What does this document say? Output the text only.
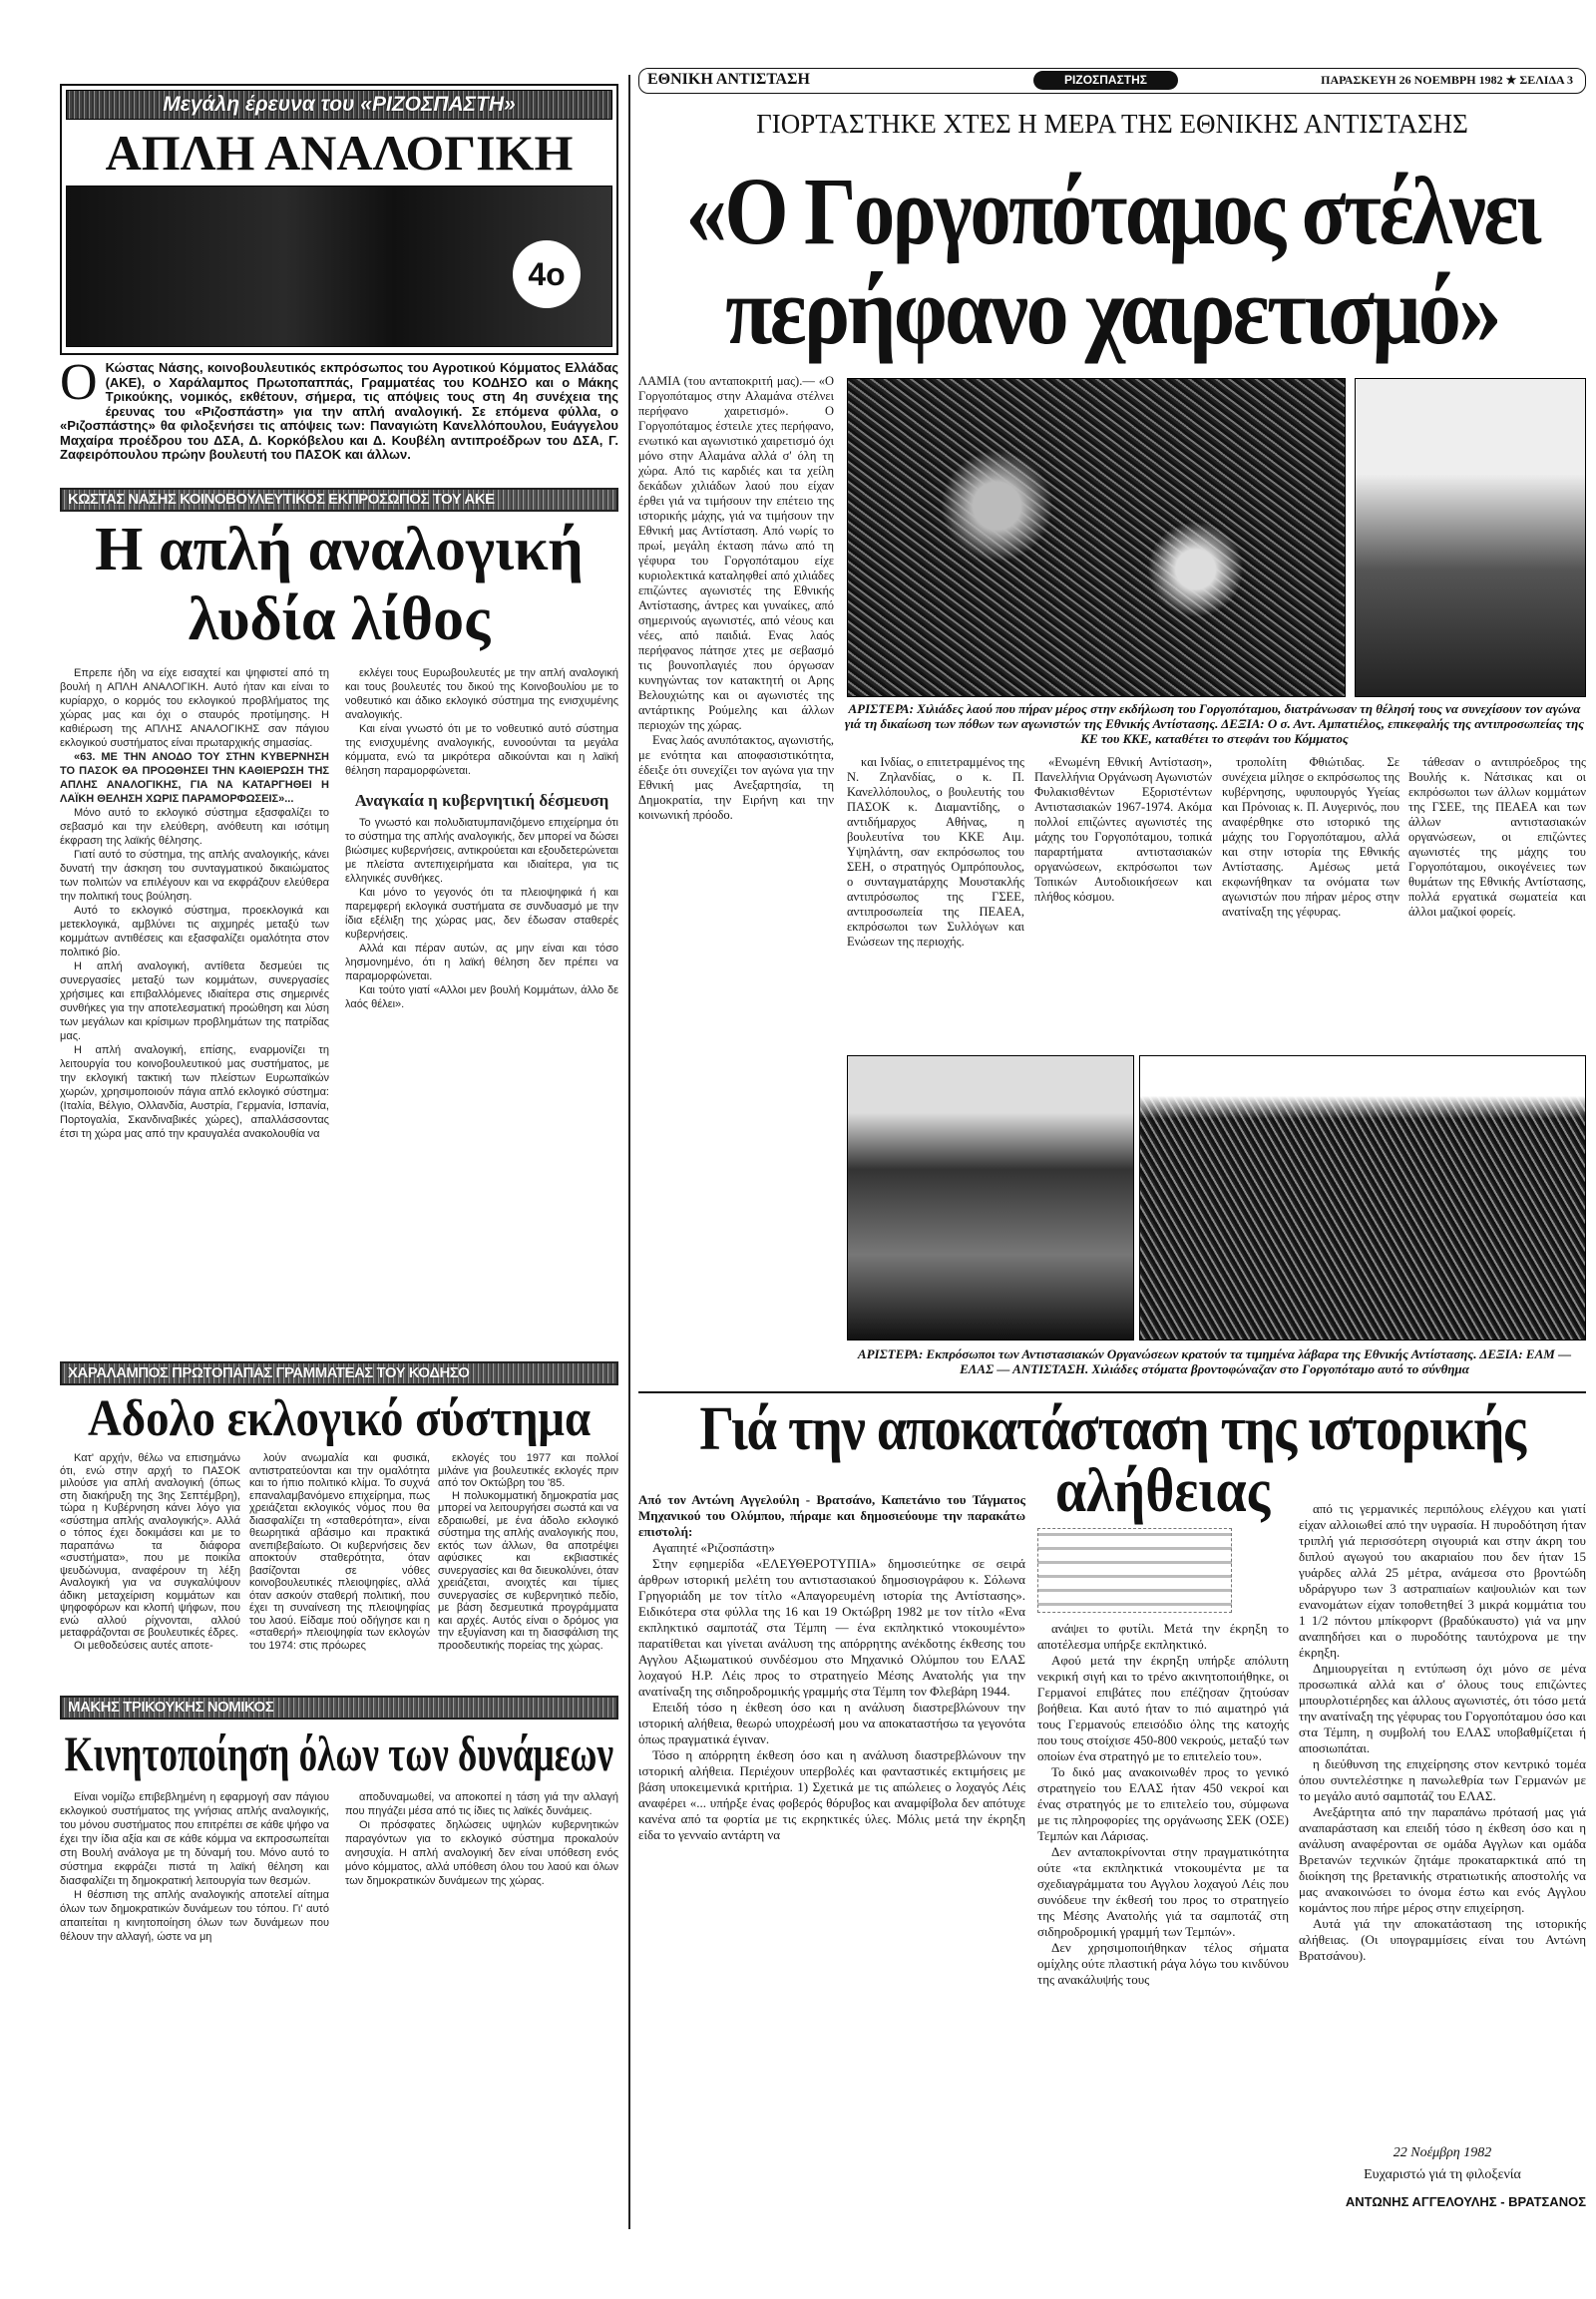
Μεγάλη έρευνα του «ΡΙΖΟΣΠΑΣΤΗ»
ΑΠΛΗ ΑΝΑΛΟΓΙΚΗ
4ο
Ο Κώστας Νάσης, κοινοβουλευτικός εκπρόσωπος του Αγροτικού Κόμματος Ελλάδας (ΑΚΕ), ο Χαράλαμπος Πρωτοπαππάς, Γραμματέας του ΚΟΔΗΣΟ και ο Μάκης Τρικούκης, νομικός, εκθέτουν, σήμερα, τις απόψεις τους στη 4η συνέχεια της έρευνας του «Ριζοσπάστη» για την απλή αναλογική. Σε επόμενα φύλλα, ο «Ριζοσπάστης» θα φιλοξενήσει τις απόψεις των: Παναγιώτη Κανελλόπουλου, Ευάγγελου Μαχαίρα προέδρου του ΔΣΑ, Δ. Κορκόβελου και Δ. Κουβέλη αντιπροέδρων του ΔΣΑ, Γ. Ζαφειρόπουλου πρώην βουλευτή του ΠΑΣΟΚ και άλλων.
ΚΩΣΤΑΣ ΝΑΣΗΣ ΚΟΙΝΟΒΟΥΛΕΥΤΙΚΟΣ ΕΚΠΡΟΣΩΠΟΣ ΤΟΥ ΑΚΕ
Η απλή αναλογική
λυδία λίθος

Επρεπε ήδη να είχε εισαχτεί και ψηφιστεί από τη βουλή η ΑΠΛΗ ΑΝΑΛΟΓΙΚΗ. Αυτό ήταν και είναι το κυρίαρχο, ο κορμός του εκλογικού προβλήματος της χώρας μας και όχι ο σταυρός προτίμησης. Η καθιέρωση της ΑΠΛΗΣ ΑΝΑΛΟΓΙΚΗΣ σαν πάγιου εκλογικού συστήματος είναι πρωταρχικής σημασίας.

«63. ΜΕ ΤΗΝ ΑΝΟΔΟ ΤΟΥ ΣΤΗΝ ΚΥΒΕΡΝΗΣΗ ΤΟ ΠΑΣΟΚ ΘΑ ΠΡΟΩΘΗΣΕΙ ΤΗΝ ΚΑΘΙΕΡΩΣΗ ΤΗΣ ΑΠΛΗΣ ΑΝΑΛΟΓΙΚΗΣ, ΓΙΑ ΝΑ ΚΑΤΑΡΓΗΘΕΙ Η ΛΑΪΚΗ ΘΕΛΗΣΗ ΧΩΡΙΣ ΠΑΡΑΜΟΡΦΩΣΕΙΣ»...

Μόνο αυτό το εκλογικό σύστημα εξασφαλίζει το σεβασμό και την ελεύθερη, ανόθευτη και ισότιμη έκφραση της λαϊκής θέλησης.

Γιατί αυτό το σύστημα, της απλής αναλογικής, κάνει δυνατή την άσκηση του συνταγματικού δικαιώματος των πολιτών να επιλέγουν και να εκφράζουν ελεύθερα την πολιτική τους βούληση.

Αυτό το εκλογικό σύστημα, προεκλογικά και μετεκλογικά, αμβλύνει τις αιχμηρές μεταξύ των κομμάτων αντιθέσεις και εξασφαλίζει ομαλότητα στον πολιτικό βίο.

Η απλή αναλογική, αντίθετα δεσμεύει τις συνεργασίες μεταξύ των κομμάτων, συνεργασίες χρήσιμες και επιβαλλόμενες ιδιαίτερα στις σημερινές συνθήκες για την αποτελεσματική προώθηση και λύση των μεγάλων και κρίσιμων προβλημάτων της πατρίδας μας.

Η απλή αναλογική, επίσης, εναρμονίζει τη λειτουργία του κοινοβουλευτικού μας συστήματος, με την εκλογική τακτική των πλείστων Ευρωπαϊκών χωρών, χρησιμοποιούν πάγια απλό εκλογικό σύστημα: (Ιταλία, Βέλγιο, Ολλανδία, Αυστρία, Γερμανία, Ισπανία, Πορτογαλία, Σκανδιναβικές χώρες), απαλλάσσοντας έτσι τη χώρα μας από την κραυγαλέα ανακολουθία να

εκλέγει τους Ευρωβουλευτές με την απλή αναλογική και τους βουλευτές του δικού της Κοινοβουλίου με το νοθευτικό και άδικο εκλογικό σύστημα της ενισχυμένης αναλογικής.

Και είναι γνωστό ότι με το νοθευτικό αυτό σύστημα της ενισχυμένης αναλογικής, ευνοούνται τα μεγάλα κόμματα, ενώ τα μικρότερα αδικούνται και η λαϊκή θέληση παραμορφώνεται.

Αναγκαία η κυβερνητική δέσμευση

Το γνωστό και πολυδιατυμπανιζόμενο επιχείρημα ότι το σύστημα της απλής αναλογικής, δεν μπορεί να δώσει βιώσιμες κυβερνήσεις, αντικρούεται και εξουδετερώνεται με πλείστα αντεπιχειρήματα και ιδιαίτερα, για τις ελληνικές συνθήκες.

Και μόνο το γεγονός ότι τα πλειοψηφικά ή και παρεμφερή εκλογικά συστήματα σε συνδυασμό με την ίδια εξέλιξη της χώρας μας, δεν έδωσαν σταθερές κυβερνήσεις.

Αλλά και πέραν αυτών, ας μην είναι και τόσο λησμονημένο, ότι η λαϊκή θέληση δεν πρέπει να παραμορφώνεται.

Και τούτο γιατί «Αλλοι μεν βουλή Κομμάτων, άλλο δε λαός θέλει».

ΧΑΡΑΛΑΜΠΟΣ ΠΡΩΤΟΠΑΠΑΣ ΓΡΑΜΜΑΤΕΑΣ ΤΟΥ ΚΟΔΗΣΟ
Αδολο εκλογικό σύστημα

Κατ' αρχήν, θέλω να επισημάνω ότι, ενώ στην αρχή το ΠΑΣΟΚ μιλούσε για απλή αναλογική (όπως στη διακήρυξη της 3ης Σεπτέμβρη), τώρα η Κυβέρνηση κάνει λόγο για «σύστημα απλής αναλογικής». Αλλά ο τόπος έχει δοκιμάσει και με το παραπάνω τα διάφορα «συστήματα», που με ποικίλα ψευδώνυμα, αναφέρουν τη λέξη Αναλογική για να συγκαλύψουν άδικη μεταχείριση κομμάτων και ψηφοφόρων και κλοπή ψήφων, που ενώ αλλού ρίχνονται, αλλού μεταφράζονται σε βουλευτικές έδρες.

Οι μεθοδεύσεις αυτές αποτε-

λούν ανωμαλία και φυσικά, αντιστρατεύονται και την ομαλότητα και το ήπιο πολιτικό κλίμα. Το συχνά επαναλαμβανόμενο επιχείρημα, πως χρειάζεται εκλογικός νόμος που θα διασφαλίζει τη «σταθερότητα», είναι θεωρητικά αβάσιμο και πρακτικά ανεπιβεβαίωτο. Οι κυβερνήσεις δεν αποκτούν σταθερότητα, όταν βασίζονται σε νόθες κοινοβουλευτικές πλειοψηφίες, αλλά όταν ασκούν σταθερή πολιτική, που έχει τη συναίνεση της πλειοψηφίας του λαού. Είδαμε πού οδήγησε και η «σταθερή» πλειοψηφία των εκλογών του 1974: στις πρόωρες

εκλογές του 1977 και πολλοί μιλάνε για βουλευτικές εκλογές πριν από τον Οκτώβρη του '85.

Η πολυκομματική δημοκρατία μας μπορεί να λειτουργήσει σωστά και να εδραιωθεί, με ένα άδολο εκλογικό σύστημα της απλής αναλογικής που, εκτός των άλλων, θα αποτρέψει αφύσικες και εκβιαστικές συνεργασίες και θα διευκολύνει, όταν χρειάζεται, ανοιχτές και τίμιες συνεργασίες σε κυβερνητικό πεδίο, με βάση δεσμευτικά προγράμματα και αρχές. Αυτός είναι ο δρόμος για την εξυγίανση και τη διασφάλιση της προοδευτικής πορείας της χώρας.

ΜΑΚΗΣ ΤΡΙΚΟΥΚΗΣ ΝΟΜΙΚΟΣ
Κινητοποίηση όλων των δυνάμεων

Είναι νομίζω επιβεβλημένη η εφαρμογή σαν πάγιου εκλογικού συστήματος της γνήσιας απλής αναλογικής, του μόνου συστήματος που επιτρέπει σε κάθε ψήφο να έχει την ίδια αξία και σε κάθε κόμμα να εκπροσωπείται στη Βουλή ανάλογα με τη δύναμή του. Μόνο αυτό το σύστημα εκφράζει πιστά τη λαϊκή θέληση και διασφαλίζει τη δημοκρατική λειτουργία των θεσμών.

Η θέσπιση της απλής αναλογικής αποτελεί αίτημα όλων των δημοκρατικών δυνάμεων του τόπου. Γι' αυτό απαιτείται η κινητοποίηση όλων των δυνάμεων που θέλουν την αλλαγή, ώστε να μη

αποδυναμωθεί, να αποκοπεί η τάση γιά την αλλαγή που πηγάζει μέσα από τις ίδιες τις λαϊκές δυνάμεις.

Οι πρόσφατες δηλώσεις υψηλών κυβερνητικών παραγόντων για το εκλογικό σύστημα προκαλούν ανησυχία. Η απλή αναλογική δεν είναι υπόθεση ενός μόνο κόμματος, αλλά υπόθεση όλου του λαού και όλων των δημοκρατικών δυνάμεων της χώρας.

ΕΘΝΙΚΗ ΑΝΤΙΣΤΑΣΗ	ΡΙΖΟΣΠΑΣΤΗΣ	ΠΑΡΑΣΚΕΥΗ 26 ΝΟΕΜΒΡΗ 1982 ★ ΣΕΛΙΔΑ 3
ΓΙΟΡΤΑΣΤΗΚΕ ΧΤΕΣ Η ΜΕΡΑ ΤΗΣ ΕΘΝΙΚΗΣ ΑΝΤΙΣΤΑΣΗΣ
«Ο Γοργοπόταμος στέλνει
περήφανο χαιρετισμό»

ΛΑΜΙΑ (του ανταποκριτή μας).— «Ο Γοργοπόταμος στην Αλαμάνα στέλνει περήφανο χαιρετισμό». Ο Γοργοπόταμος έστειλε χτες περήφανο, ενωτικό και αγωνιστικό χαιρετισμό όχι μόνο στην Αλαμάνα αλλά σ' όλη τη χώρα. Από τις καρδιές και τα χείλη δεκάδων χιλιάδων λαού που είχαν έρθει γιά να τιμήσουν την επέτειο της ιστορικής μάχης, γιά να τιμήσουν την Εθνική μας Αντίσταση. Από νωρίς το πρωί, μεγάλη έκταση πάνω από τη γέφυρα του Γοργοπόταμου είχε κυριολεκτικά καταληφθεί από χιλιάδες επιζώντες αγωνιστές της Εθνικής Αντίστασης, άντρες και γυναίκες, από σημερινούς αγωνιστές, από νέους και νέες, από παιδιά. Ενας λαός περήφανος πάτησε χτες με σεβασμό τις βουνοπλαγιές που όργωσαν κυνηγώντας τον κατακτητή οι Αρης Βελουχιώτης και οι αγωνιστές της αντάρτικης Ρούμελης και άλλων περιοχών της χώρας.

Ενας λαός ανυπότακτος, αγωνιστής, με ενότητα και αποφασιστικότητα, έδειξε ότι συνεχίζει τον αγώνα για την Εθνική μας Ανεξαρτησία, τη Δημοκρατία, την Ειρήνη και την κοινωνική πρόοδο.

ΑΡΙΣΤΕΡΑ: Χιλιάδες λαού που πήραν μέρος στην εκδήλωση του Γοργοπόταμου, διατράνωσαν τη θέλησή τους να συνεχίσουν τον αγώνα γιά τη δικαίωση των πόθων των αγωνιστών της Εθνικής Αντίστασης. ΔΕΞΙΑ: Ο σ. Αντ. Αμπατιέλος, επικεφαλής της αντιπροσωπείας της ΚΕ του ΚΚΕ, καταθέτει το στεφάνι του Κόμματος

και Ινδίας, ο επιτετραμμένος της Ν. Ζηλανδίας, ο κ. Π. Κανελλόπουλος, ο βουλευτής του ΠΑΣΟΚ κ. Διαμαντίδης, ο αντιδήμαρχος Αθήνας, η βουλευτίνα του ΚΚΕ Αιμ. Υψηλάντη, σαν εκπρόσωπος του ΣΕΗ, ο στρατηγός Ομπρόπουλος, ο συνταγματάρχης Μουστακλής αντιπρόσωπος της ΓΣΕΕ, αντιπροσωπεία της ΠΕΑΕΑ, εκπρόσωποι των Συλλόγων και Ενώσεων της περιοχής.

«Ενωμένη Εθνική Αντίσταση», Πανελλήνια Οργάνωση Αγωνιστών Φυλακισθέντων Εξοριστέντων Αντιστασιακών 1967-1974. Ακόμα πολλοί επιζώντες αγωνιστές της μάχης του Γοργοπόταμου, τοπικά παραρτήματα αντιστασιακών οργανώσεων, εκπρόσωποι των Τοπικών Αυτοδιοικήσεων και πλήθος κόσμου.

τροπολίτη Φθιώτιδας. Σε συνέχεια μίλησε ο εκπρόσωπος της κυβέρνησης, υφυπουργός Υγείας και Πρόνοιας κ. Π. Αυγερινός, που αναφέρθηκε στο ιστορικό της μάχης του Γοργοπόταμου, αλλά και στην ιστορία της Εθνικής Αντίστασης. Αμέσως μετά εκφωνήθηκαν τα ονόματα των αγωνιστών που πήραν μέρος στην ανατίναξη της γέφυρας.

τάθεσαν ο αντιπρόεδρος της Βουλής κ. Νάτσικας και οι εκπρόσωποι των άλλων κομμάτων της ΓΣΕΕ, της ΠΕΑΕΑ και των άλλων αντιστασιακών οργανώσεων, οι επιζώντες αγωνιστές της μάχης του Γοργοπόταμου, οικογένειες των θυμάτων της Εθνικής Αντίστασης, πολλά εργατικά σωματεία και άλλοι μαζικοί φορείς.

ΑΡΙΣΤΕΡΑ: Εκπρόσωποι των Αντιστασιακών Οργανώσεων κρατούν τα τιμημένα λάβαρα της Εθνικής Αντίστασης. ΔΕΞΙΑ: ΕΑΜ — ΕΛΑΣ — ΑΝΤΙΣΤΑΣΗ. Χιλιάδες στόματα βροντοφώναζαν στο Γοργοπόταμο αυτό το σύνθημα
Γιά την αποκατάσταση της ιστορικής
αλήθειας

Από τον Αντώνη Αγγελούλη - Βρατσάνο, Καπετάνιο του Τάγματος Μηχανικού του Ολύμπου, πήραμε και δημοσιεύουμε την παρακάτω επιστολή:

Αγαπητέ «Ριζοσπάστη»

Στην εφημερίδα «ΕΛΕΥΘΕΡΟΤΥΠΙΑ» δημοσιεύτηκε σε σειρά άρθρων ιστορική μελέτη του αντιστασιακού δημοσιογράφου κ. Σόλωνα Γρηγοριάδη με τον τίτλο «Απαγορευμένη ιστορία της Αντίστασης». Ειδικότερα στα φύλλα της 16 και 19 Οκτώβρη 1982 με τον τίτλο «Ενα εκπληκτικό σαμποτάζ στα Τέμπη — ένα εκπληκτικό ντοκουμέντο» παρατίθεται και γίνεται ανάλυση της απόρρητης ανέκδοτης έκθεσης του Αγγλου Αξιωματικού συνδέσμου στο Μηχανικό Ολύμπου του ΕΛΑΣ λοχαγού Η.Ρ. Λέις προς το στρατηγείο Μέσης Ανατολής για την ανατίναξη της σιδηροδρομικής γραμμής στα Τέμπη τον Φλεβάρη 1944.

Επειδή τόσο η έκθεση όσο και η ανάλυση διαστρεβλώνουν την ιστορική αλήθεια, θεωρώ υποχρέωσή μου να αποκαταστήσω τα γεγονότα όπως πραγματικά έγιναν.

Τόσο η απόρρητη έκθεση όσο και η ανάλυση διαστρεβλώνουν την ιστορική αλήθεια. Περιέχουν υπερβολές και φανταστικές εκτιμήσεις με βάση υποκειμενικά κριτήρια. 1) Σχετικά με τις απώλειες ο λοχαγός Λέις αναφέρει «... υπήρξε ένας φοβερός θόρυβος και αναμφίβολα δεν απότυχε κανένα από τα φορτία με τις εκρηκτικές ύλες. Μόλις μετά την έκρηξη είδα το γενναίο αντάρτη να

ανάψει το φυτίλι. Μετά την έκρηξη το αποτέλεσμα υπήρξε εκπληκτικό.

Αφού μετά την έκρηξη υπήρξε απόλυτη νεκρική σιγή και το τρένο ακινητοποιήθηκε, οι Γερμανοί επιβάτες που επέζησαν ζητούσαν βοήθεια. Και αυτό ήταν το πιό αιματηρό γιά τους Γερμανούς επεισόδιο όλης της κατοχής που τους στοίχισε 450-800 νεκρούς, μεταξύ των οποίων ένα στρατηγό με το επιτελείο του».

Το δικό μας ανακοινωθέν προς το γενικό στρατηγείο του ΕΛΑΣ ήταν 450 νεκροί και ένας στρατηγός με το επιτελείο του, σύμφωνα με τις πληροφορίες της οργάνωσης ΣΕΚ (ΟΣΕ) Τεμπών και Λάρισας.

Δεν ανταποκρίνονται στην πραγματικότητα ούτε «τα εκπληκτικά ντοκουμέντα με τα σχεδιαγράμματα του Αγγλου λοχαγού Λέις που συνόδευε την έκθεσή του προς το στρατηγείο της Μέσης Ανατολής γιά τα σαμποτάζ στη σιδηροδρομική γραμμή των Τεμπών».

Δεν χρησιμοποιήθηκαν τέλος σήματα ομίχλης ούτε πλαστική ράγα λόγω του κινδύνου της ανακάλυψής τους

από τις γερμανικές περιπόλους ελέγχου και γιατί είχαν αλλοιωθεί από την υγρασία. Η πυροδότηση ήταν τριπλή γιά περισσότερη σιγουριά και στην άκρη του διπλού αγωγού του ακαριαίου που δεν ήταν 15 γυάρδες αλλά 25 μέτρα, ανάμεσα στο βροντώδη υδράργυρο των 3 αστραπιαίων καψουλιών και των ενανομάτων είχαν τοποθετηθεί 3 μικρά κομμάτια του 1 1/2 πόντου μπίκφορντ (βραδύκαυστο) γιά να μην αναπηδήσει και ο πυροδότης ταυτόχρονα με την έκρηξη.

Δημιουργείται η εντύπωση όχι μόνο σε μένα προσωπικά αλλά και σ' όλους τους επιζώντες μπουρλοτιέρηδες και άλλους αγωνιστές, ότι τόσο μετά την ανατίναξη της γέφυρας του Γοργοπόταμου όσο και στα Τέμπη, η συμβολή του ΕΛΑΣ υποβαθμίζεται ή αποσιωπάται.

η διεύθυνση της επιχείρησης στον κεντρικό τομέα όπου συντελέστηκε η πανωλεθρία των Γερμανών με το μεγάλο αυτό σαμποτάζ του ΕΛΑΣ.

Ανεξάρτητα από την παραπάνω πρότασή μας γιά αναπαράσταση και επειδή τόσο η έκθεση όσο και η ανάλυση αναφέρονται σε ομάδα Αγγλων και ομάδα Βρετανών τεχνικών ζητάμε προκαταρκτικά από τη διοίκηση της βρετανικής στρατιωτικής αποστολής να μας ανακοινώσει το όνομα έστω και ενός Αγγλου κομάντος που πήρε μέρος στην επιχείρηση.

Αυτά γιά την αποκατάσταση της ιστορικής αλήθειας. (Οι υπογραμμίσεις είναι του Αντώνη Βρατσάνου).

22 Νοέμβρη 1982
Ευχαριστώ γιά τη φιλοξενία
ΑΝΤΩΝΗΣ ΑΓΓΕΛΟΥΛΗΣ - ΒΡΑΤΣΑΝΟΣ
